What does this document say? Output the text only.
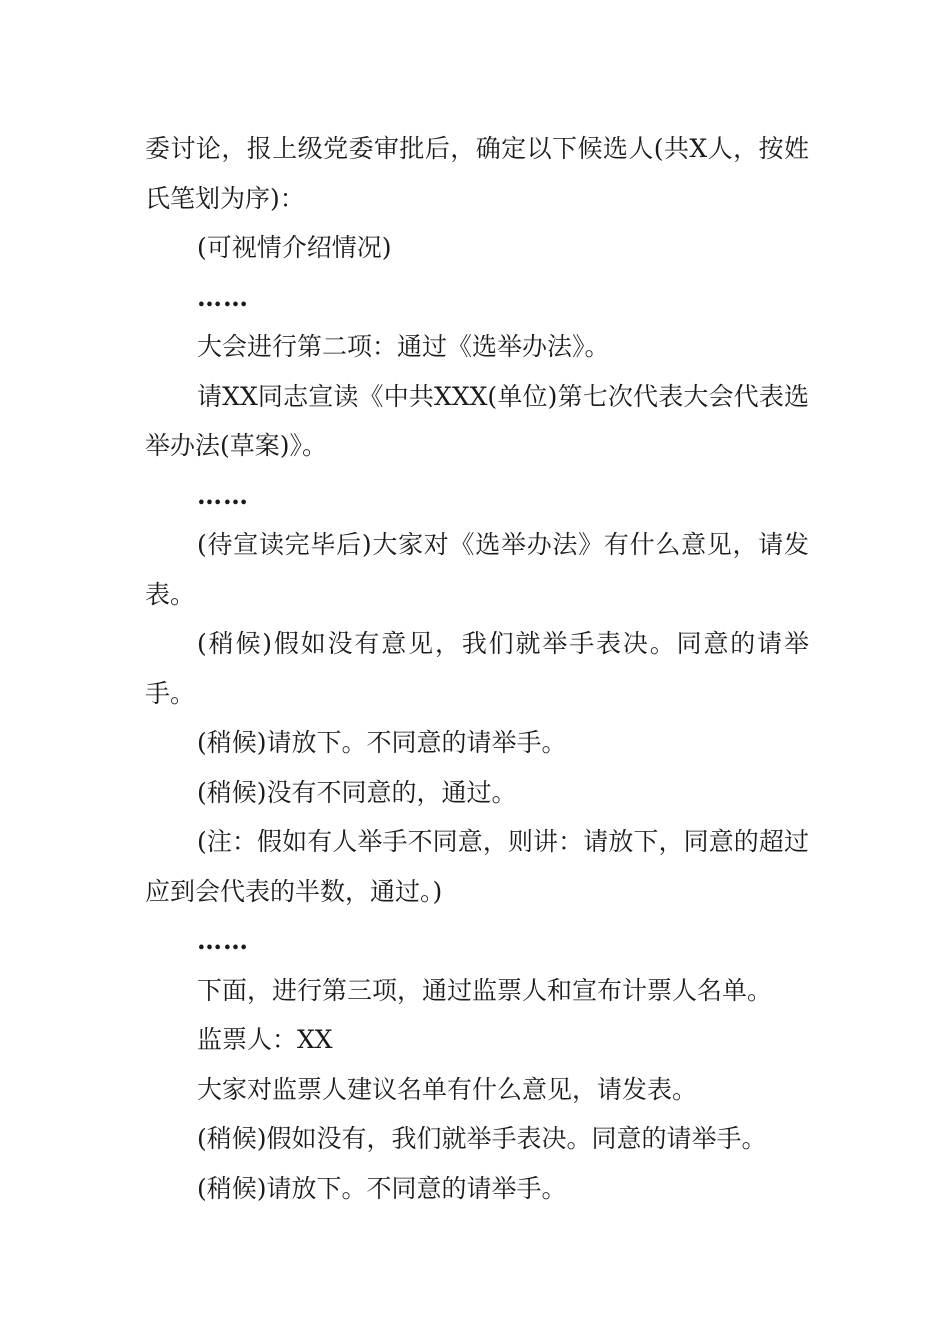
委讨论，报上级党委审批后，确定以下候选人(共X人，按姓氏笔划为序)：

(可视情介绍情况)

……

大会进行第二项：通过《选举办法》。

请XX同志宣读《中共XXX(单位)第七次代表大会代表选举办法(草案)》。

……

(待宣读完毕后)大家对《选举办法》有什么意见，请发表。

(稍候)假如没有意见，我们就举手表决。同意的请举手。

(稍候)请放下。不同意的请举手。

(稍候)没有不同意的，通过。

(注：假如有人举手不同意，则讲：请放下，同意的超过应到会代表的半数，通过。)

……

下面，进行第三项，通过监票人和宣布计票人名单。

监票人：XX

大家对监票人建议名单有什么意见，请发表。

(稍候)假如没有，我们就举手表决。同意的请举手。

(稍候)请放下。不同意的请举手。
